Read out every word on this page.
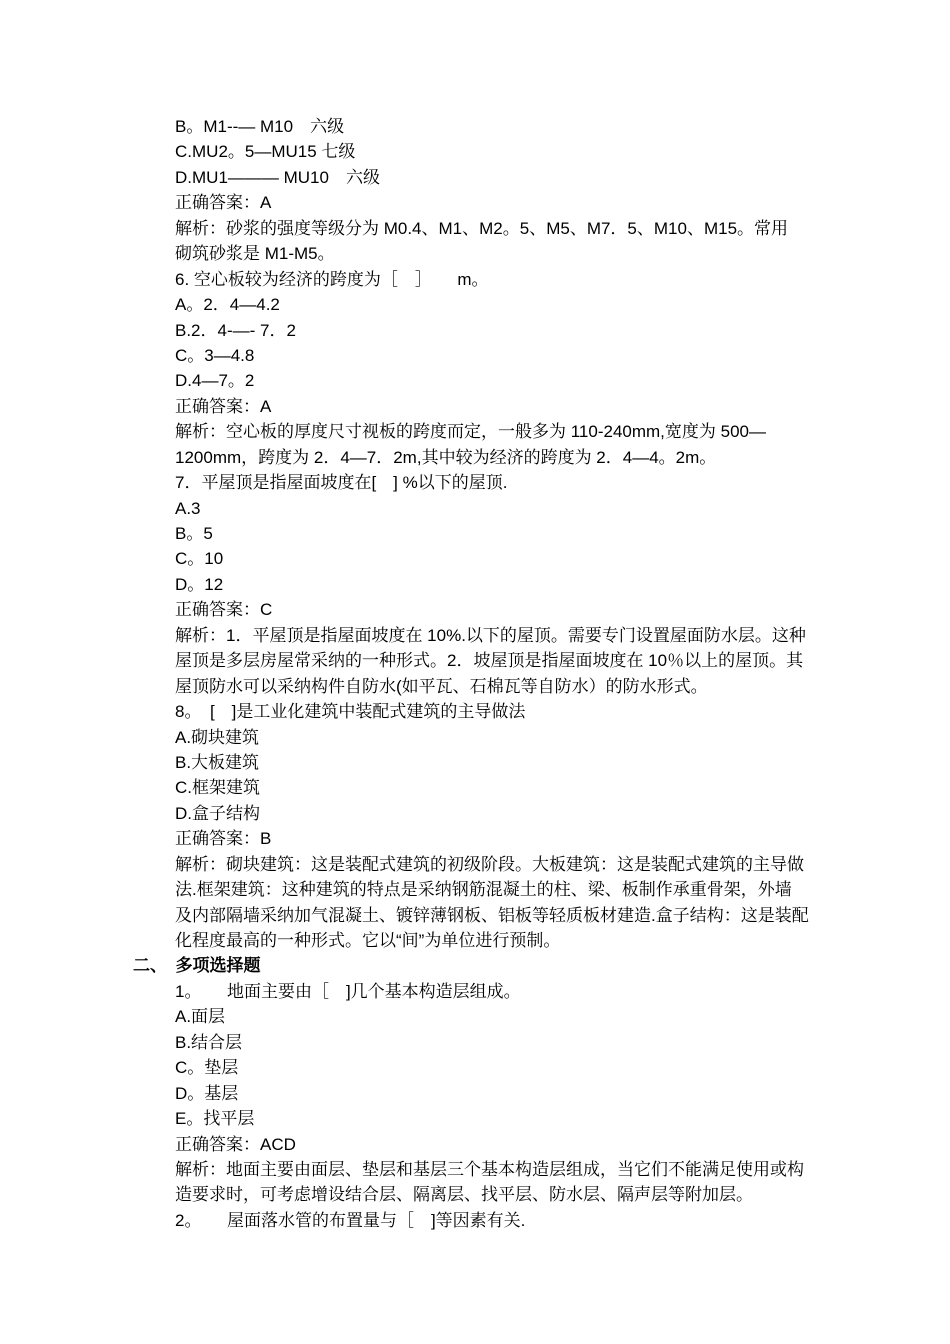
B。M1--— M10　六级
C.MU2。5—MU15 七级
D.MU1——— MU10　六级
正确答案：A
解析：砂浆的强度等级分为 M0.4、M1、M2。5、M5、M7．5、M10、M15。常用
砌筑砂浆是 M1-M5。
6. 空心板较为经济的跨度为［　］　　m。
A。2．4—4.2
B.2．4-—- 7．2
C。3—4.8
D.4—7。2
正确答案：A
解析：空心板的厚度尺寸视板的跨度而定，一般多为 110-240mm,宽度为 500—
1200mm，跨度为 2．4—7．2m,其中较为经济的跨度为 2．4—4。2m。
7．平屋顶是指屋面坡度在[　] %以下的屋顶.
A.3
B。5
C。10
D。12
正确答案：C
解析：1．平屋顶是指屋面坡度在 10%.以下的屋顶。需要专门设置屋面防水层。这种
屋顶是多层房屋常采纳的一种形式。2．坡屋顶是指屋面坡度在 10％以上的屋顶。其
屋顶防水可以采纳构件自防水(如平瓦、石棉瓦等自防水）的防水形式。
8。　[　]是工业化建筑中装配式建筑的主导做法
A.砌块建筑
B.大板建筑
C.框架建筑
D.盒子结构
正确答案：B
解析：砌块建筑：这是装配式建筑的初级阶段。大板建筑：这是装配式建筑的主导做
法.框架建筑：这种建筑的特点是采纳钢筋混凝土的柱、梁、板制作承重骨架，外墙
及内部隔墙采纳加气混凝土、镀锌薄钢板、铝板等轻质板材建造.盒子结构：这是装配
化程度最高的一种形式。它以“间”为单位进行预制。
二、　多项选择题
1。　　地面主要由［　]几个基本构造层组成。
A.面层
B.结合层
C。垫层
D。基层
E。找平层
正确答案：ACD
解析：地面主要由面层、垫层和基层三个基本构造层组成，当它们不能满足使用或构
造要求时，可考虑增设结合层、隔离层、找平层、防水层、隔声层等附加层。
2。　　屋面落水管的布置量与［　]等因素有关.
